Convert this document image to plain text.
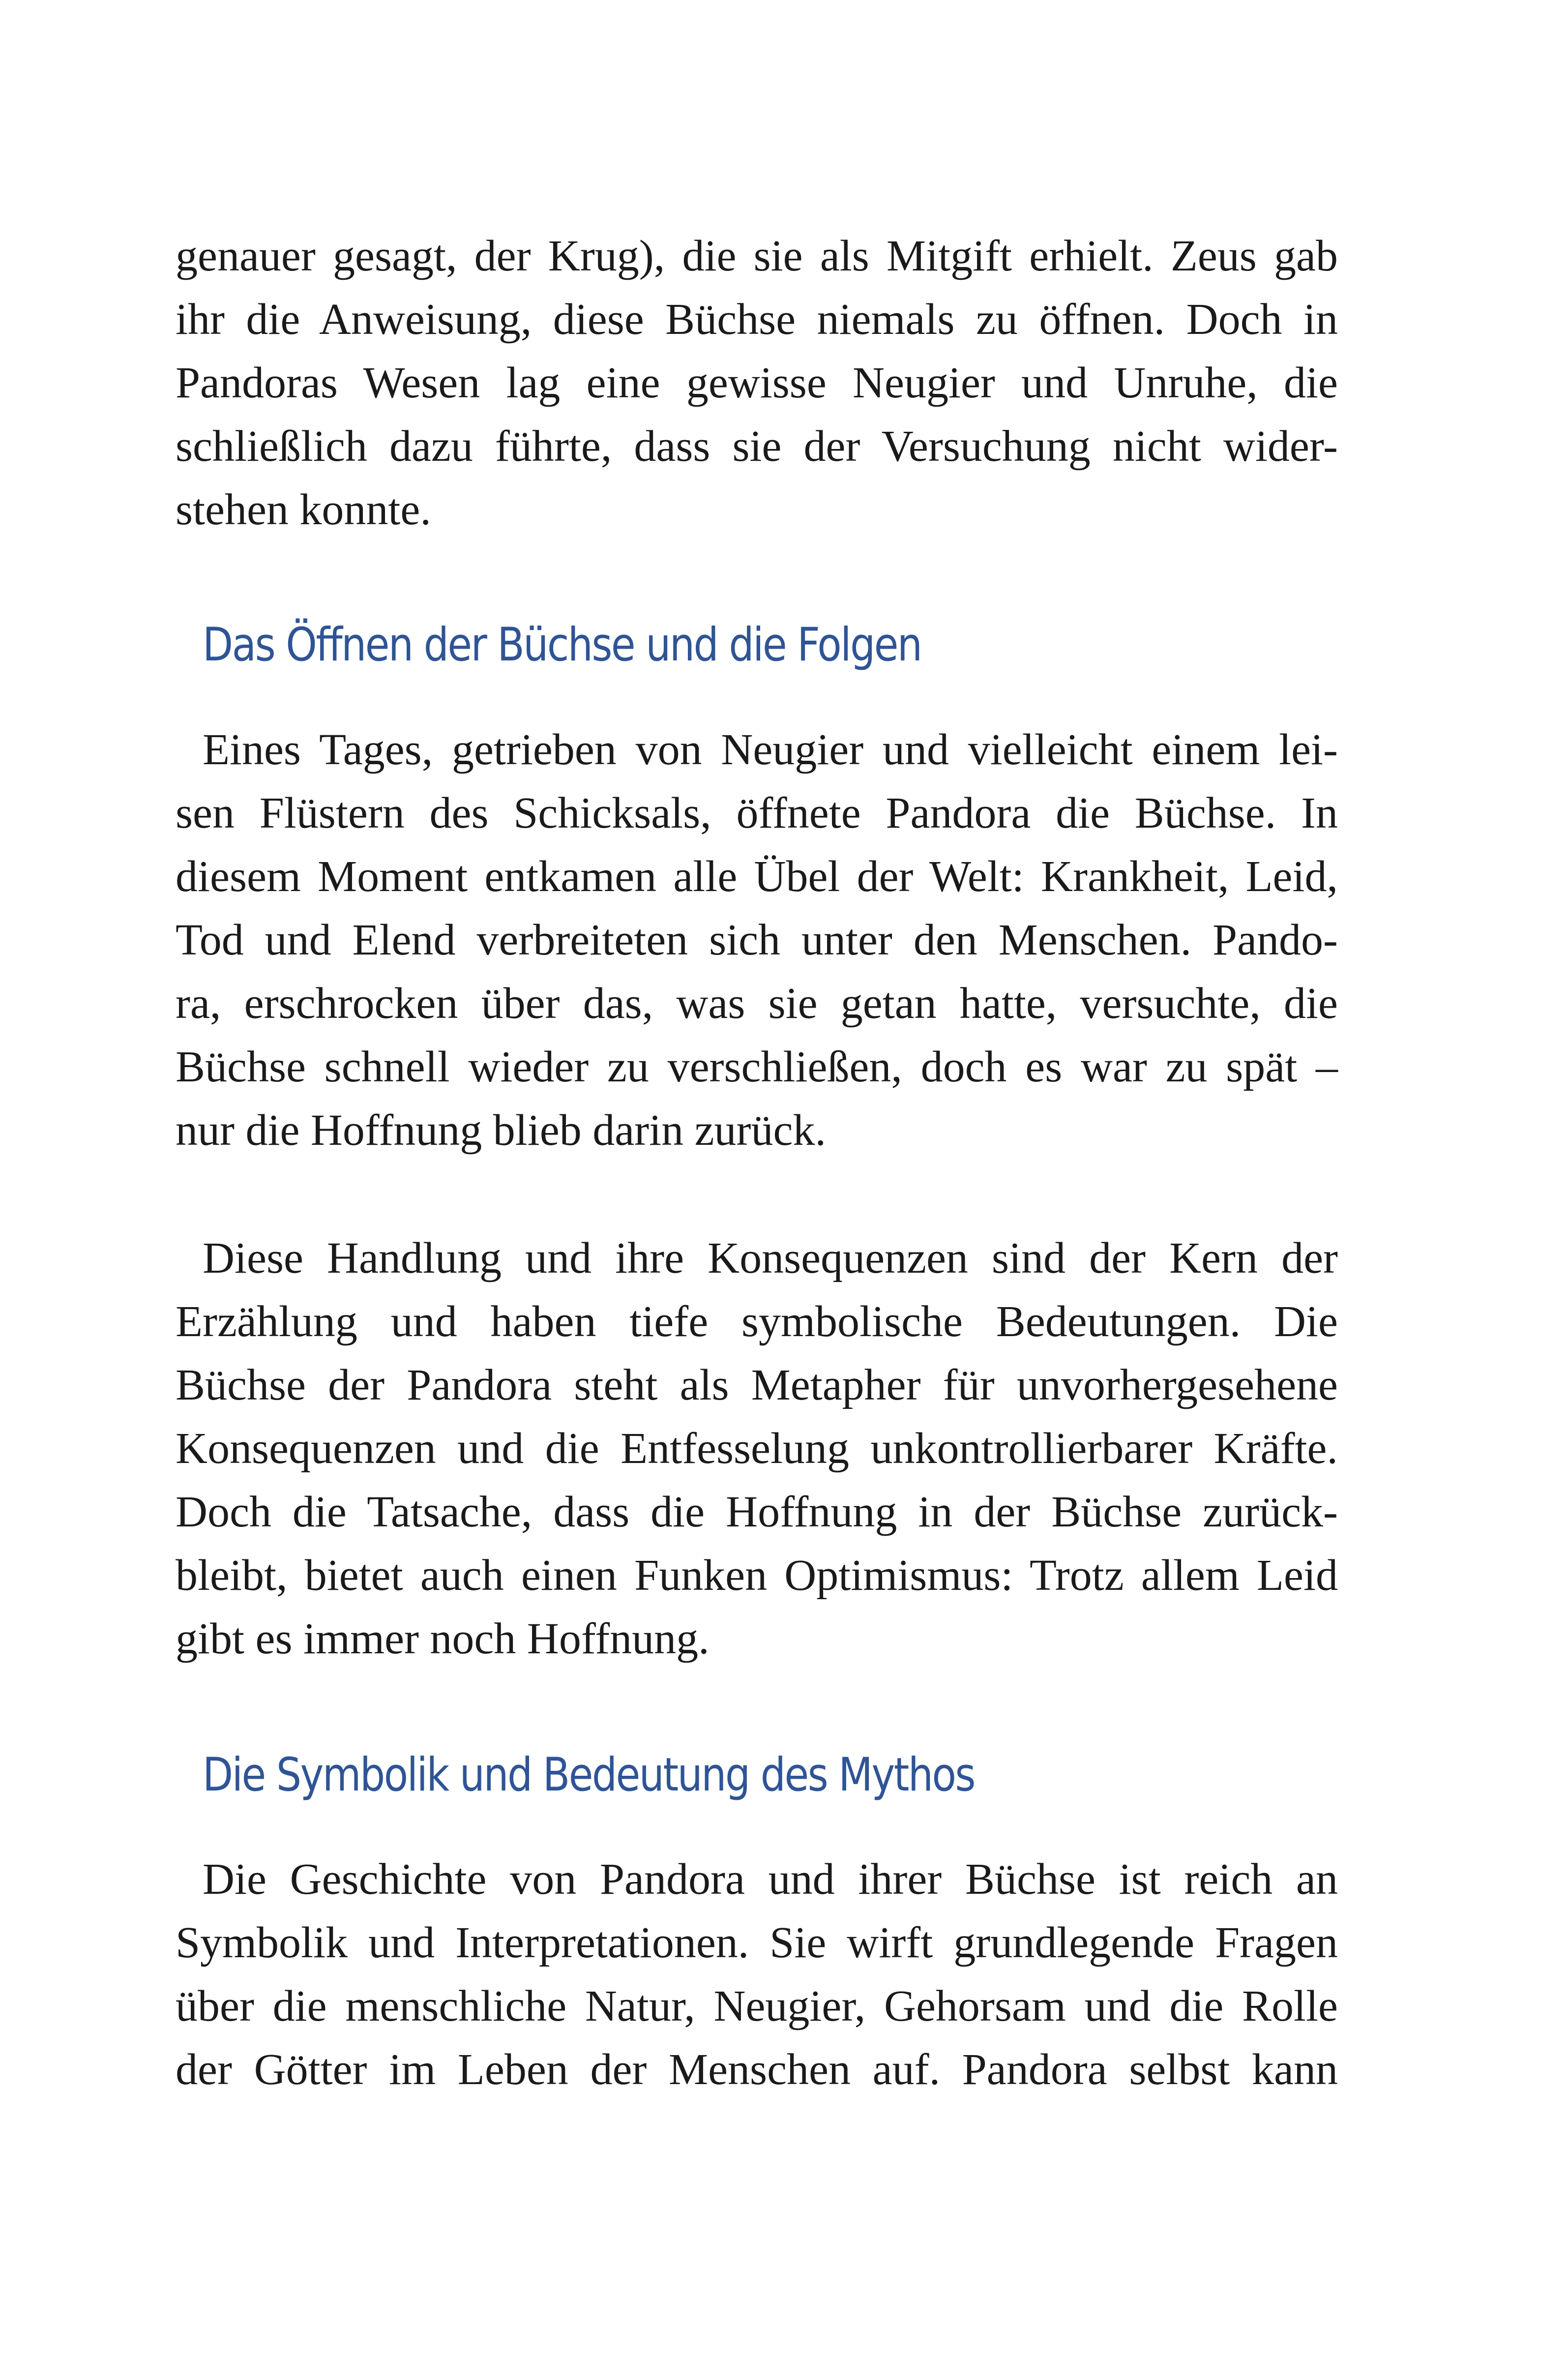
genauer gesagt, der Krug), die sie als Mitgift erhielt. Zeus gab
ihr die Anweisung, diese Büchse niemals zu öffnen. Doch in
Pandoras Wesen lag eine gewisse Neugier und Unruhe, die
schließlich dazu führte, dass sie der Versuchung nicht wider-
stehen konnte.
Das Öffnen der Büchse und die Folgen
Eines Tages, getrieben von Neugier und vielleicht einem lei-
sen Flüstern des Schicksals, öffnete Pandora die Büchse. In
diesem Moment entkamen alle Übel der Welt: Krankheit, Leid,
Tod und Elend verbreiteten sich unter den Menschen. Pando-
ra, erschrocken über das, was sie getan hatte, versuchte, die
Büchse schnell wieder zu verschließen, doch es war zu spät –
nur die Hoffnung blieb darin zurück.
Diese Handlung und ihre Konsequenzen sind der Kern der
Erzählung und haben tiefe symbolische Bedeutungen. Die
Büchse der Pandora steht als Metapher für unvorhergesehene
Konsequenzen und die Entfesselung unkontrollierbarer Kräfte.
Doch die Tatsache, dass die Hoffnung in der Büchse zurück-
bleibt, bietet auch einen Funken Optimismus: Trotz allem Leid
gibt es immer noch Hoffnung.
Die Symbolik und Bedeutung des Mythos
Die Geschichte von Pandora und ihrer Büchse ist reich an
Symbolik und Interpretationen. Sie wirft grundlegende Fragen
über die menschliche Natur, Neugier, Gehorsam und die Rolle
der Götter im Leben der Menschen auf. Pandora selbst kann
